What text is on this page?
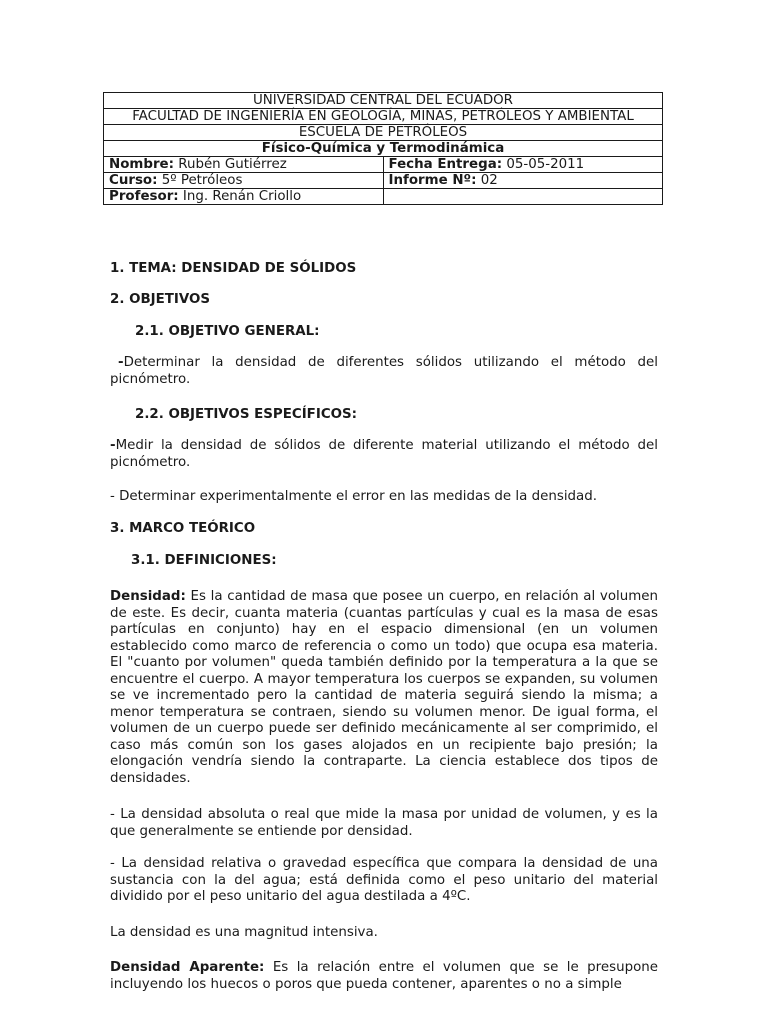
UNIVERSIDAD CENTRAL DEL ECUADOR	
FACULTAD DE INGENIERÍA EN GEOLOGÍA, MINAS, PETRÓLEOS Y AMBIENTAL	
ESCUELA DE PETRÓLEOS	
Físico-Química y Termodinámica	
Nombre: Rubén Gutiérrez	Fecha Entrega: 05-05-2011
Curso: 5º Petróleos	Informe Nº: 02
Profesor: Ing. Renán Criollo	
1. TEMA: DENSIDAD DE SÓLIDOS
2. OBJETIVOS
2.1. OBJETIVO GENERAL:
-Determinar la densidad de diferentes sólidos utilizando el método del picnómetro.
2.2. OBJETIVOS ESPECÍFICOS:
-Medir la densidad de sólidos de diferente material utilizando el método del picnómetro.
- Determinar experimentalmente el error en las medidas de la densidad.
3. MARCO TEÓRICO
3.1. DEFINICIONES:
Densidad: Es la cantidad de masa que posee un cuerpo, en relación al volumen de este. Es decir, cuanta materia (cuantas partículas y cual es la masa de esas partículas en conjunto) hay en el espacio dimensional (en un volumen establecido como marco de referencia o como un todo) que ocupa esa materia. El "cuanto por volumen" queda también definido por la temperatura a la que se encuentre el cuerpo. A mayor temperatura los cuerpos se expanden, su volumen se ve incrementado pero la cantidad de materia seguirá siendo la misma; a menor temperatura se contraen, siendo su volumen menor. De igual forma, el volumen de un cuerpo puede ser definido mecánicamente al ser comprimido, el caso más común son los gases alojados en un recipiente bajo presión; la elongación vendría siendo la contraparte. La ciencia establece dos tipos de densidades.
- La densidad absoluta o real que mide la masa por unidad de volumen, y es la que generalmente se entiende por densidad.
- La densidad relativa o gravedad específica que compara la densidad de una sustancia con la del agua; está definida como el peso unitario del material dividido por el peso unitario del agua destilada a 4ºC.
La densidad es una magnitud intensiva.
Densidad Aparente: Es la relación entre el volumen que se le presupone incluyendo los huecos o poros que pueda contener, aparentes o no a simple
